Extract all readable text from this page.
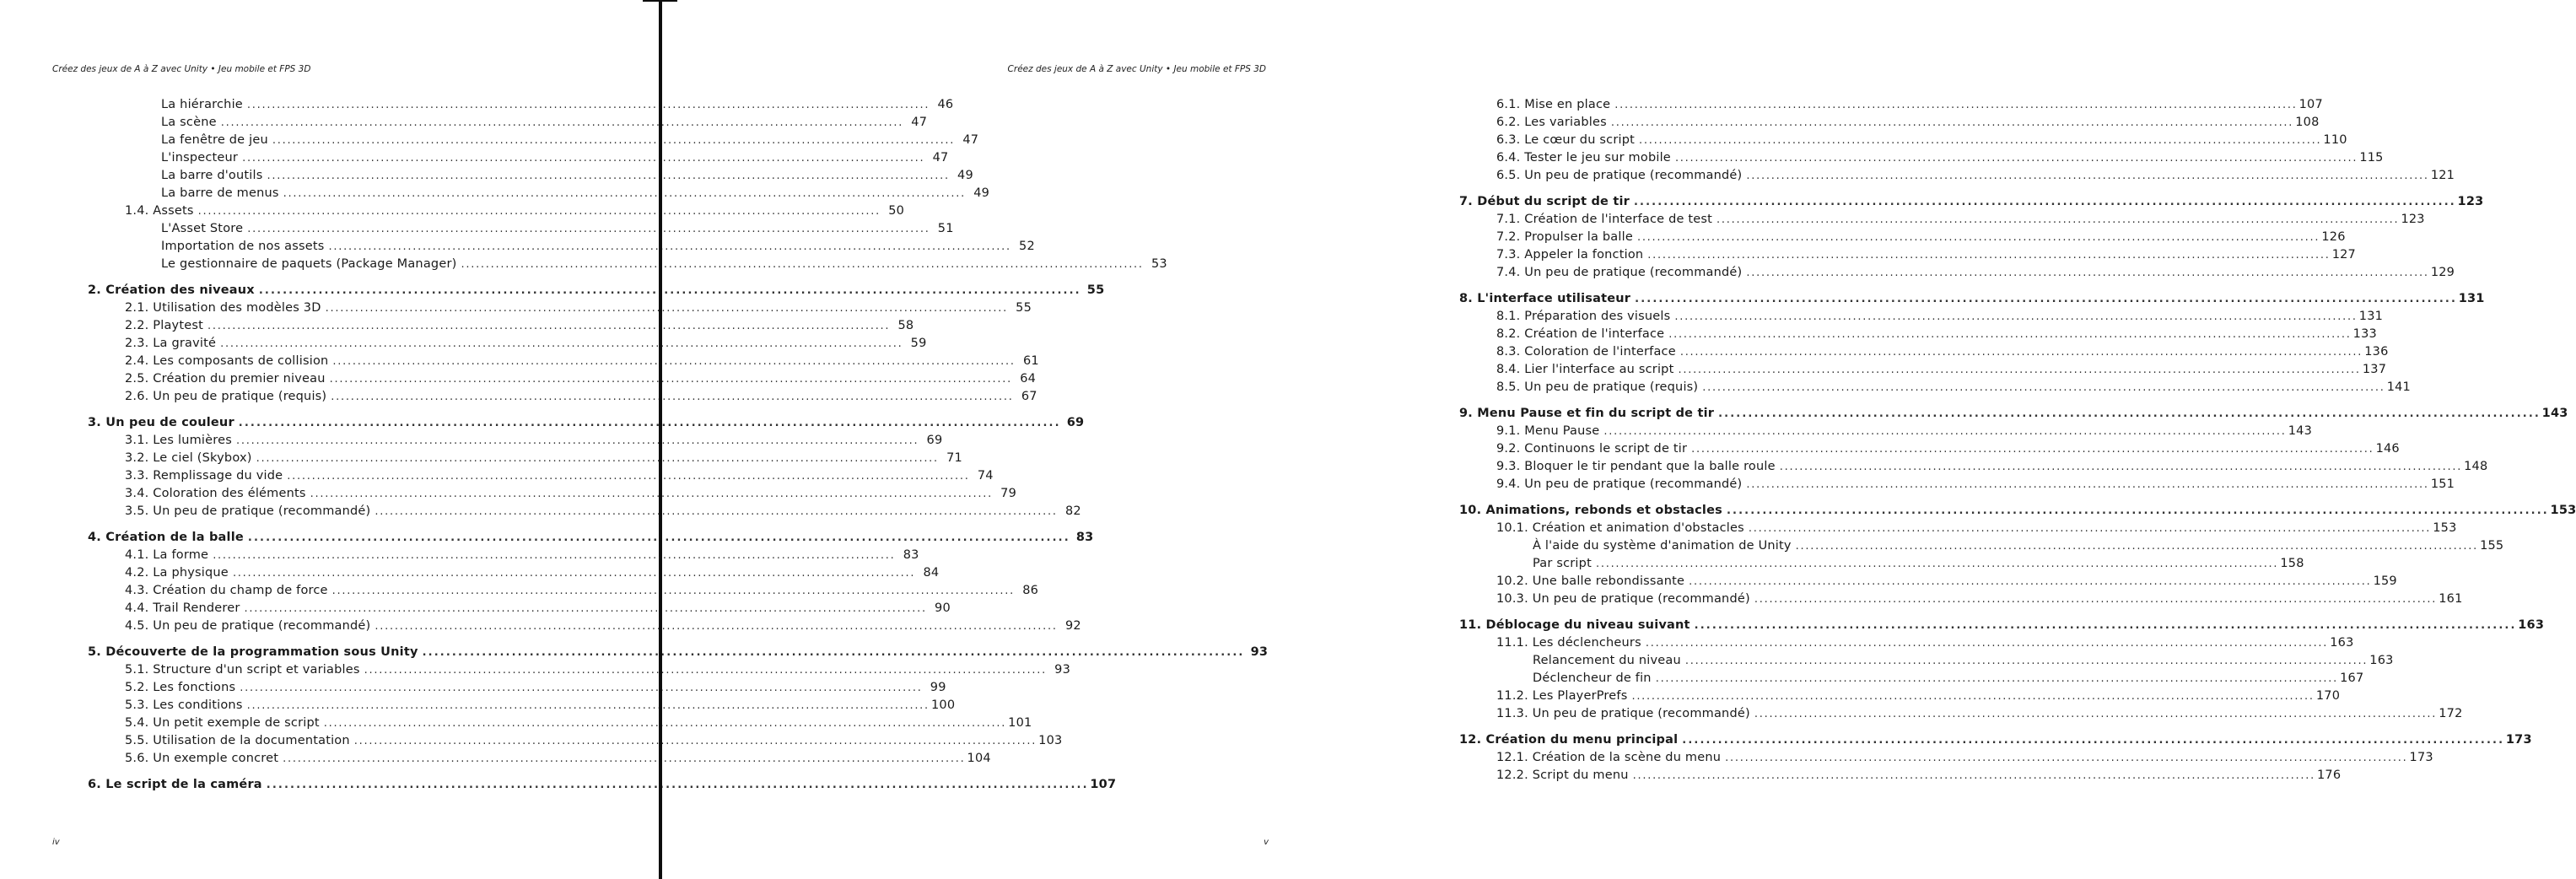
Créez des jeux de A à Z avec Unity • Jeu mobile et FPS 3D
La hiérarchie . . .	46
La scène . . .	47
La fenêtre de jeu . . .	47
L'inspecteur . . .	47
La barre d'outils . . .	49
La barre de menus . . .	49
1.4. Assets . . .	50
L'Asset Store . . .	51
Importation de nos assets . . .	52
Le gestionnaire de paquets (Package Manager) . . .	53
2. Création des niveaux . . .	55
2.1. Utilisation des modèles 3D . . .	55
2.2. Playtest . . .	58
2.3. La gravité . . .	59
2.4. Les composants de collision . . .	61
2.5. Création du premier niveau . . .	64
2.6. Un peu de pratique (requis) . . .	67
3. Un peu de couleur . . .	69
3.1. Les lumières . . .	69
3.2. Le ciel (Skybox) . . .	71
3.3. Remplissage du vide . . .	74
3.4. Coloration des éléments . . .	79
3.5. Un peu de pratique (recommandé) . . .	82
4. Création de la balle . . .	83
4.1. La forme . . .	83
4.2. La physique . . .	84
4.3. Création du champ de force . . .	86
4.4. Trail Renderer . . .	90
4.5. Un peu de pratique (recommandé) . . .	92
5. Découverte de la programmation sous Unity . . .	93
5.1. Structure d'un script et variables . . .	93
5.2. Les fonctions . . .	99
5.3. Les conditions . . .	100
5.4. Un petit exemple de script . . .	101
5.5. Utilisation de la documentation . . .	103
5.6. Un exemple concret . . .	104
6. Le script de la caméra . . .	107
iv
Créez des jeux de A à Z avec Unity • Jeu mobile et FPS 3D
6.1. Mise en place . . .	107
6.2. Les variables . . .	108
6.3. Le cœur du script . . .	110
6.4. Tester le jeu sur mobile . . .	115
6.5. Un peu de pratique (recommandé) . . .	121
7. Début du script de tir . . .	123
7.1. Création de l'interface de test . . .	123
7.2. Propulser la balle . . .	126
7.3. Appeler la fonction . . .	127
7.4. Un peu de pratique (recommandé) . . .	129
8. L'interface utilisateur . . .	131
8.1. Préparation des visuels . . .	131
8.2. Création de l'interface . . .	133
8.3. Coloration de l'interface . . .	136
8.4. Lier l'interface au script . . .	137
8.5. Un peu de pratique (requis) . . .	141
9. Menu Pause et fin du script de tir . . .	143
9.1. Menu Pause . . .	143
9.2. Continuons le script de tir . . .	146
9.3. Bloquer le tir pendant que la balle roule . . .	148
9.4. Un peu de pratique (recommandé) . . .	151
10. Animations, rebonds et obstacles . . .	153
10.1. Création et animation d'obstacles . . .	153
À l'aide du système d'animation de Unity . . .	155
Par script . . .	158
10.2. Une balle rebondissante . . .	159
10.3. Un peu de pratique (recommandé) . . .	161
11. Déblocage du niveau suivant . . .	163
11.1. Les déclencheurs . . .	163
Relancement du niveau . . .	163
Déclencheur de fin . . .	167
11.2. Les PlayerPrefs . . .	170
11.3. Un peu de pratique (recommandé) . . .	172
12. Création du menu principal . . .	173
12.1. Création de la scène du menu . . .	173
12.2. Script du menu . . .	176
v
